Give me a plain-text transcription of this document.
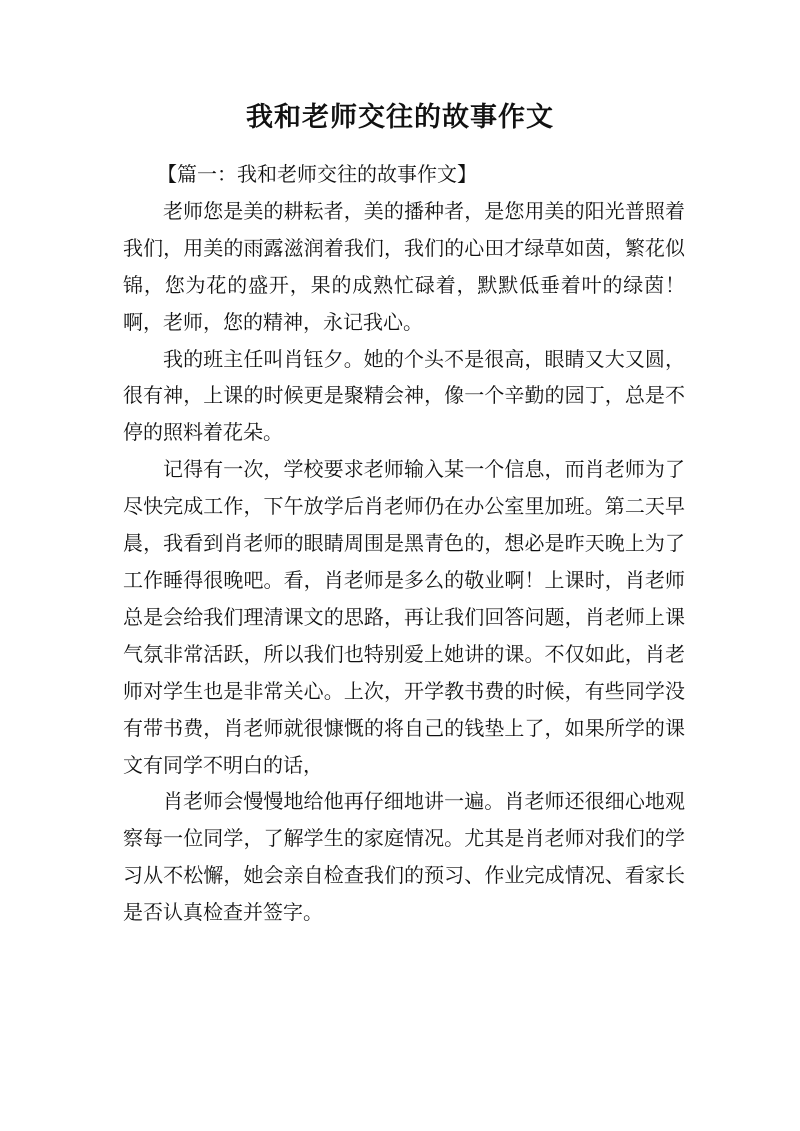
我和老师交往的故事作文

【篇一：我和老师交往的故事作文】

老师您是美的耕耘者，美的播种者，是您用美的阳光普照着我们，用美的雨露滋润着我们，我们的心田才绿草如茵，繁花似锦，您为花的盛开，果的成熟忙碌着，默默低垂着叶的绿茵！啊，老师，您的精神，永记我心。

我的班主任叫肖钰夕。她的个头不是很高，眼睛又大又圆，很有神，上课的时候更是聚精会神，像一个辛勤的园丁，总是不停的照料着花朵。

记得有一次，学校要求老师输入某一个信息，而肖老师为了尽快完成工作，下午放学后肖老师仍在办公室里加班。第二天早晨，我看到肖老师的眼睛周围是黑青色的，想必是昨天晚上为了工作睡得很晚吧。看，肖老师是多么的敬业啊！上课时，肖老师总是会给我们理清课文的思路，再让我们回答问题，肖老师上课气氛非常活跃，所以我们也特别爱上她讲的课。不仅如此，肖老师对学生也是非常关心。上次，开学教书费的时候，有些同学没有带书费，肖老师就很慷慨的将自己的钱垫上了，如果所学的课文有同学不明白的话，

肖老师会慢慢地给他再仔细地讲一遍。肖老师还很细心地观察每一位同学，了解学生的家庭情况。尤其是肖老师对我们的学习从不松懈，她会亲自检查我们的预习、作业完成情况、看家长是否认真检查并签字。
